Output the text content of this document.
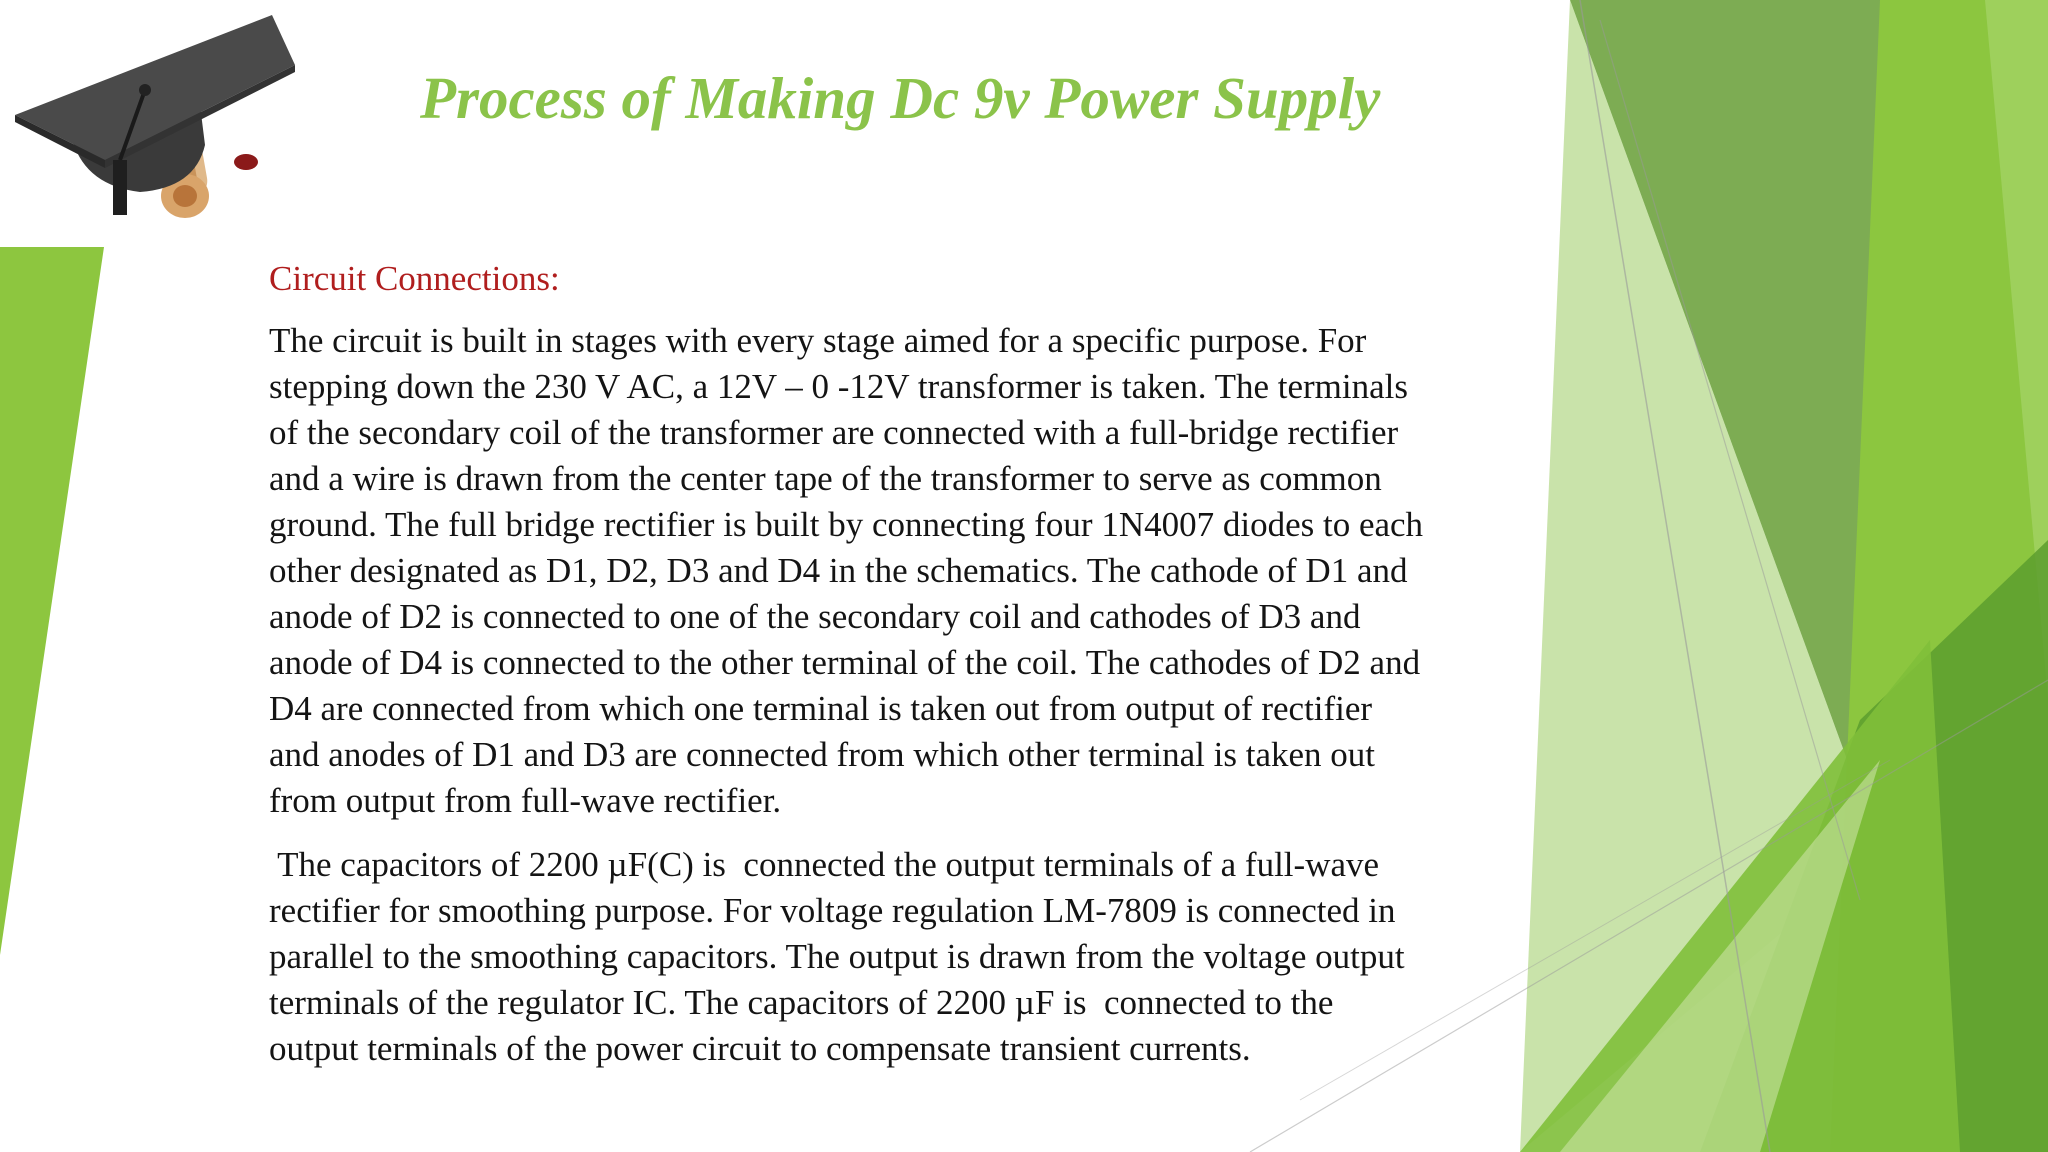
Process of Making Dc 9v Power Supply
Circuit Connections:
The circuit is built in stages with every stage aimed for a specific purpose. For
stepping down the 230 V AC, a 12V – 0 -12V transformer is taken. The terminals
of the secondary coil of the transformer are connected with a full-bridge rectifier
and a wire is drawn from the center tape of the transformer to serve as common
ground. The full bridge rectifier is built by connecting four 1N4007 diodes to each
other designated as D1, D2, D3 and D4 in the schematics. The cathode of D1 and
anode of D2 is connected to one of the secondary coil and cathodes of D3 and
anode of D4 is connected to the other terminal of the coil. The cathodes of D2 and
D4 are connected from which one terminal is taken out from output of rectifier
and anodes of D1 and D3 are connected from which other terminal is taken out
from output from full-wave rectifier.
The capacitors of 2200 µF(C) is  connected the output terminals of a full-wave
rectifier for smoothing purpose. For voltage regulation LM-7809 is connected in
parallel to the smoothing capacitors. The output is drawn from the voltage output
terminals of the regulator IC. The capacitors of 2200 µF is  connected to the
output terminals of the power circuit to compensate transient currents.
